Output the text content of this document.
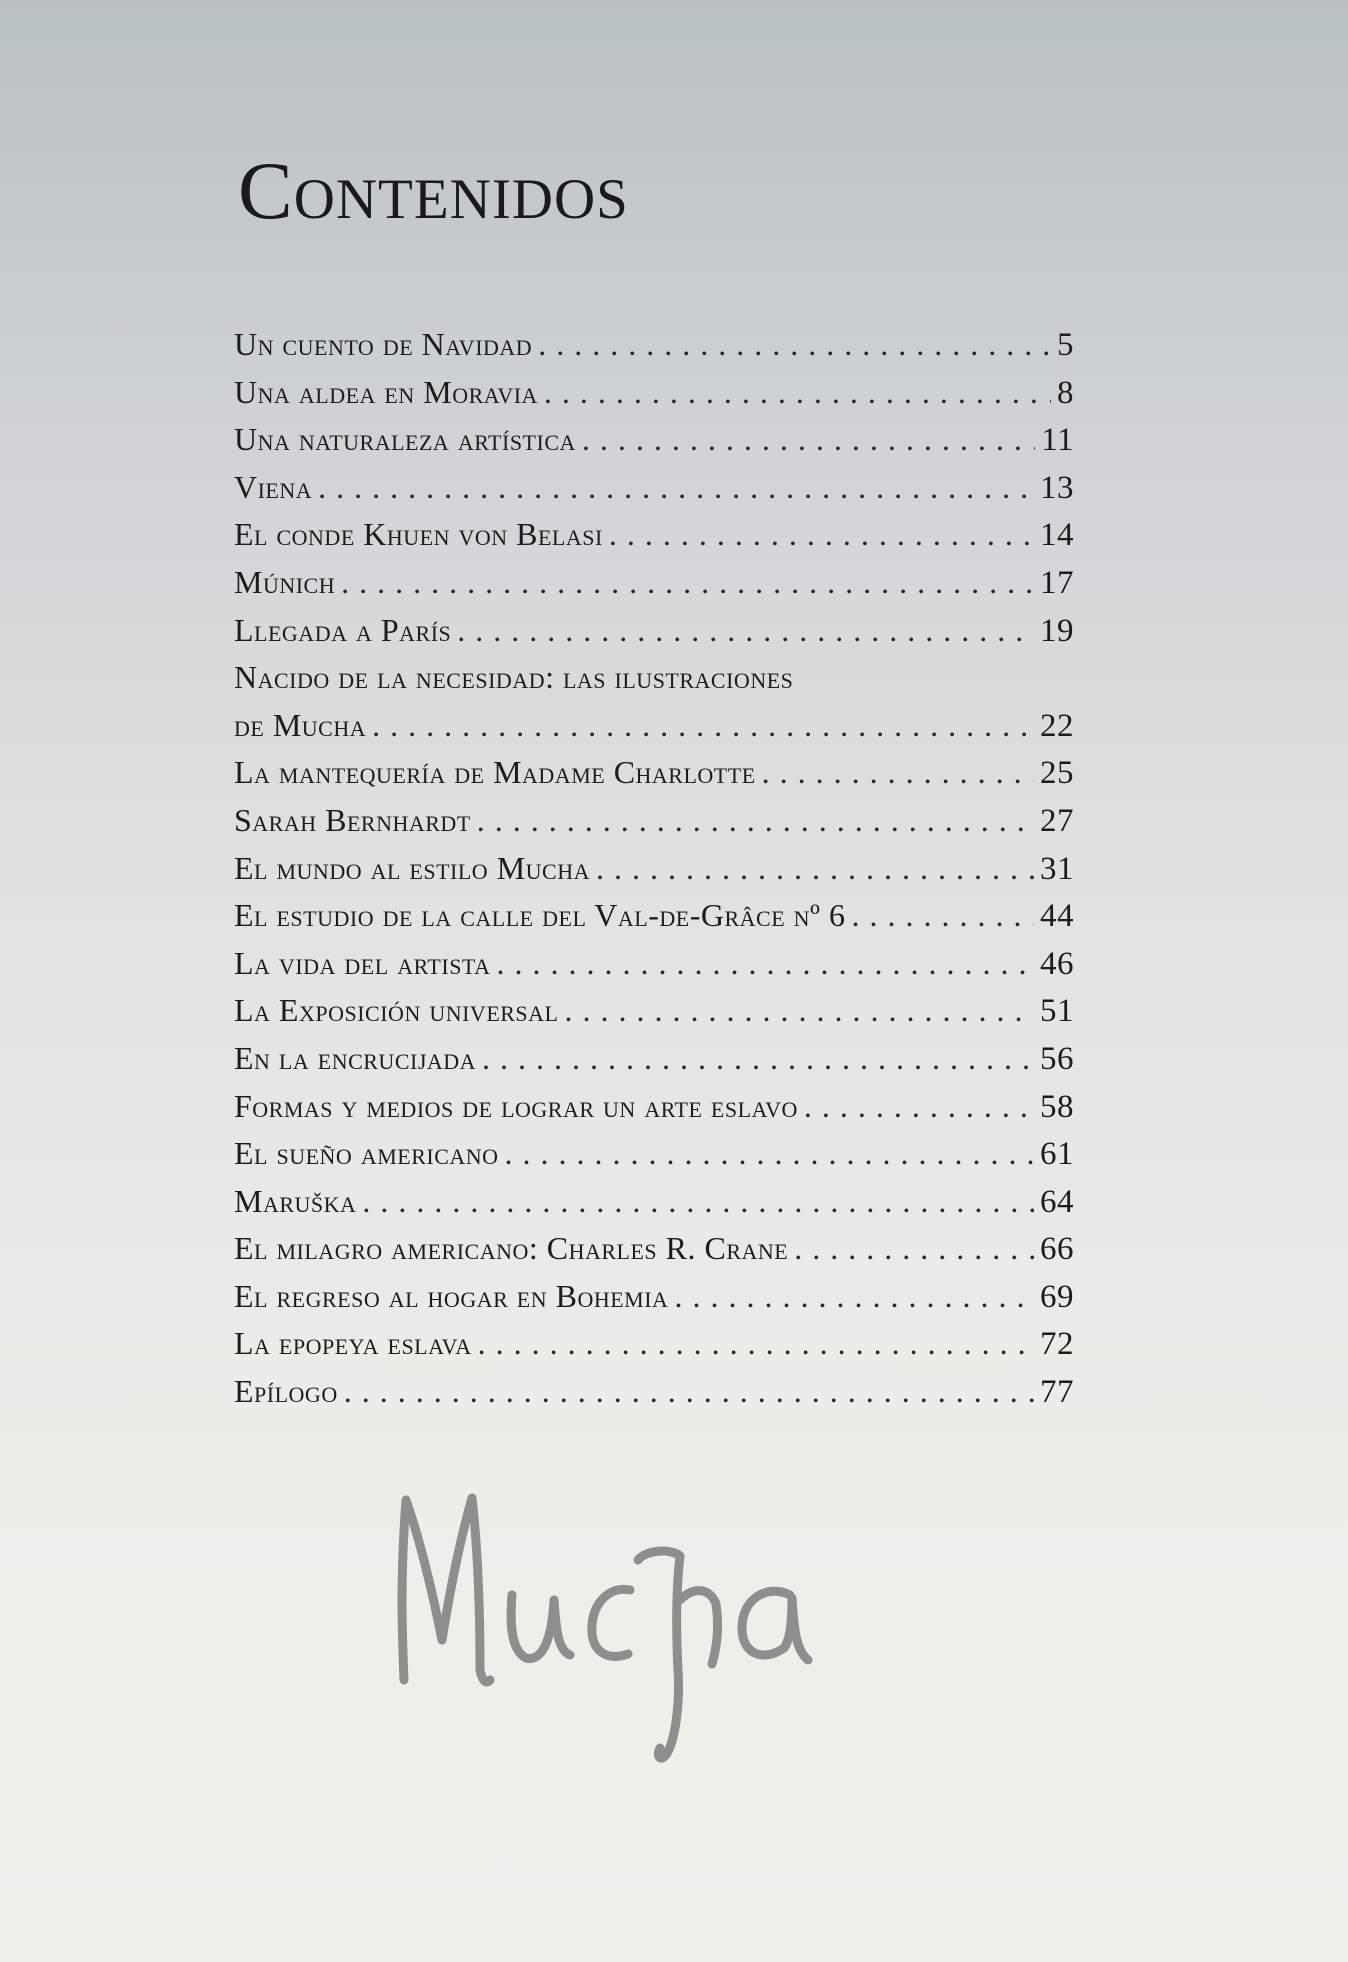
Contenidos
Un cuento de Navidad . . .	5
Una aldea en Moravia . . .	8
Una naturaleza artística . . .	11
Viena . . .	13
El conde Khuen von Belasi . . .	14
Múnich . . .	17
Llegada a París . . .	19
Nacido de la necesidad: las ilustraciones
de Mucha . . .	22
La mantequería de Madame Charlotte . . .	25
Sarah Bernhardt . . .	27
El mundo al estilo Mucha . . .	31
El estudio de la calle del Val-de-Grâce nº 6 . . .	44
La vida del artista . . .	46
La Exposición universal . . .	51
En la encrucijada . . .	56
Formas y medios de lograr un arte eslavo . . .	58
El sueño americano . . .	61
Maruška . . .	64
El milagro americano: Charles R. Crane . . .	66
El regreso al hogar en Bohemia . . .	69
La epopeya eslava . . .	72
Epílogo . . .	77
